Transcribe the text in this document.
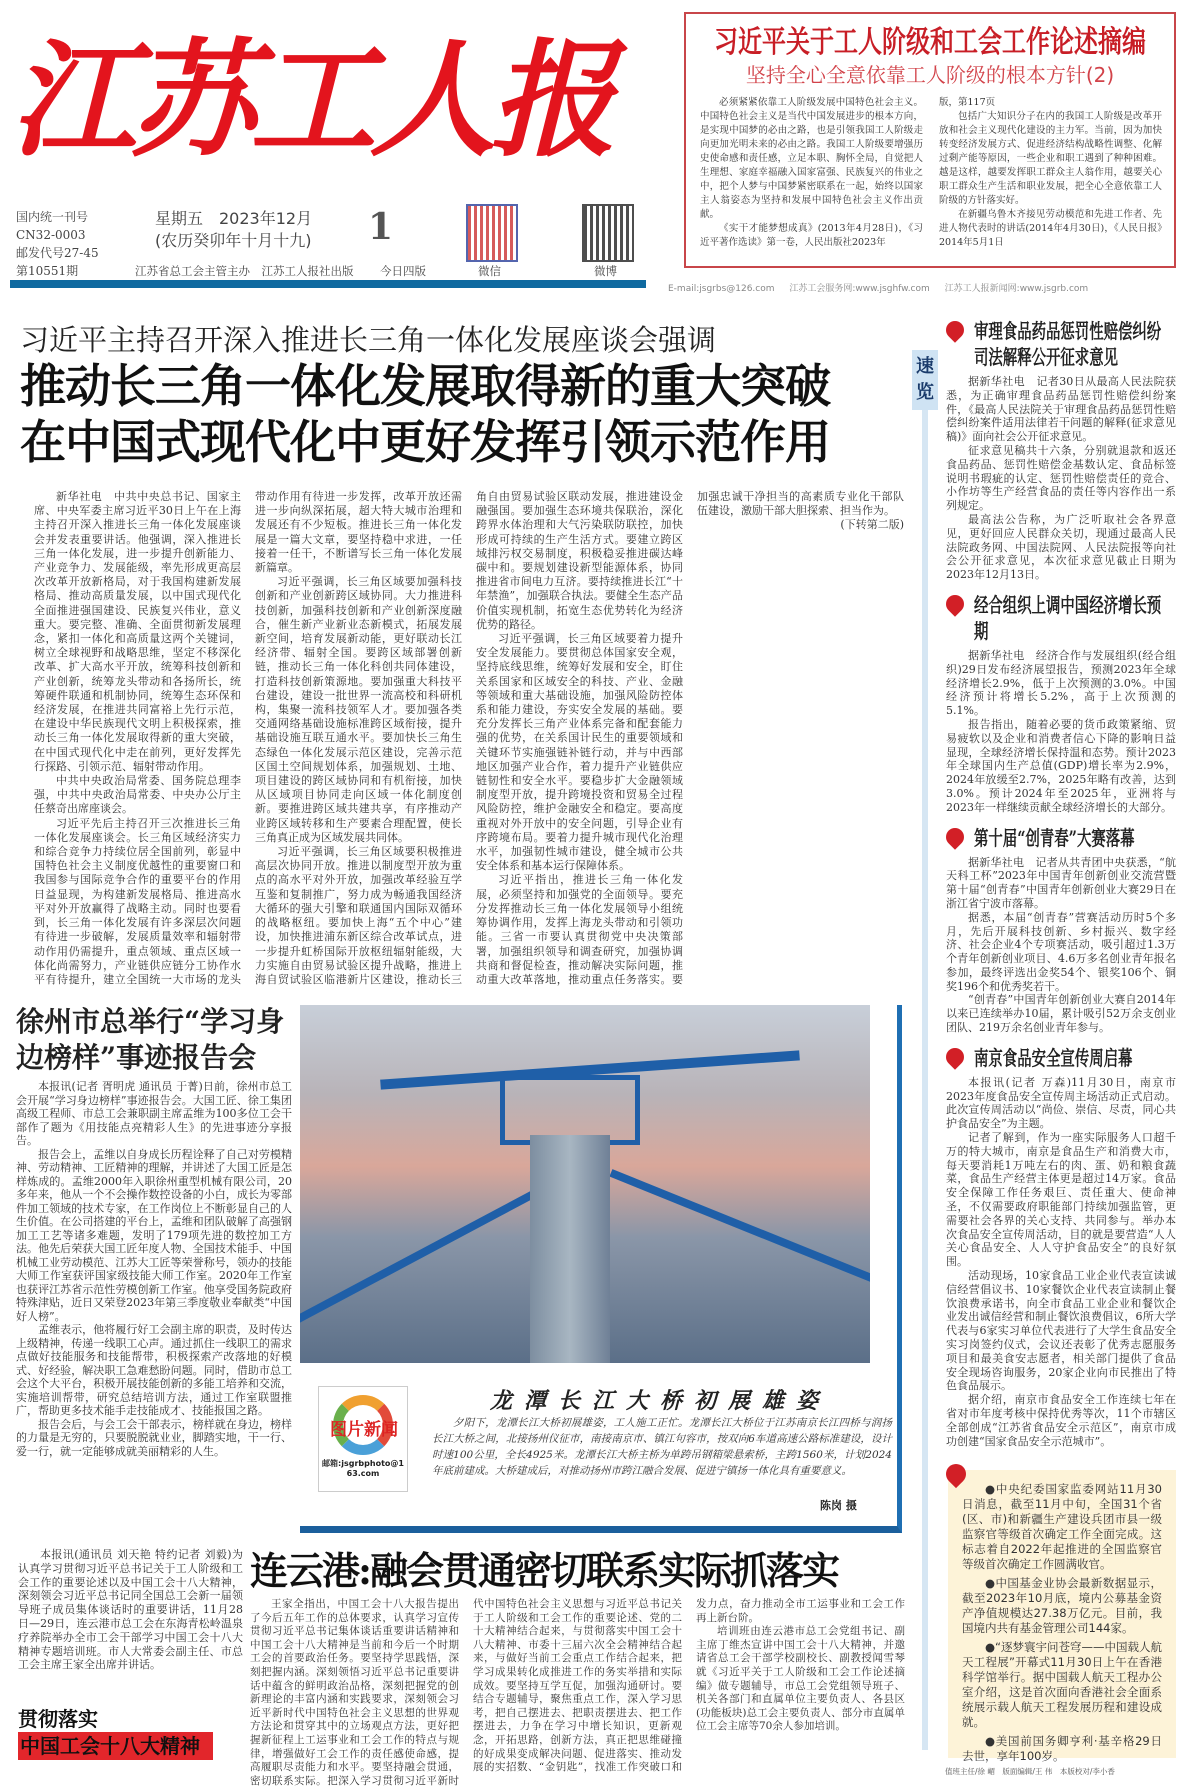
江苏工人报
国内统一刊号
CN32-0003
邮发代号27-45
第10551期
星期五　2023年12月
(农历癸卯年十月十九) 1
江苏省总工会主管主办　江苏工人报社出版 今日四版	微信	微博
E-mail:jsgrbs@126.com 江苏工会服务网:www.jsghfw.com 江苏工人报新闻网:www.jsgrb.com
习近平关于工人阶级和工会工作论述摘编
坚持全心全意依靠工人阶级的根本方针(2)

必须紧紧依靠工人阶级发展中国特色社会主义。中国特色社会主义是当代中国发展进步的根本方向，是实现中国梦的必由之路，也是引领我国工人阶级走向更加光明未来的必由之路。我国工人阶级要增强历史使命感和责任感，立足本职、胸怀全局，自觉把人生理想、家庭幸福融入国家富强、民族复兴的伟业之中，把个人梦与中国梦紧密联系在一起，始终以国家主人翁姿态为坚持和发展中国特色社会主义作出贡献。

《实干才能梦想成真》(2013年4月28日)，《习近平著作选读》第一卷，人民出版社2023年

版，第117页

包括广大知识分子在内的我国工人阶级是改革开放和社会主义现代化建设的主力军。当前，因为加快转变经济发展方式、促进经济结构战略性调整、化解过剩产能等原因，一些企业和职工遇到了种种困难。越是这样，越要发挥职工群众主人翁作用，越要关心职工群众生产生活和职业发展，把全心全意依靠工人阶级的方针落实好。

在新疆乌鲁木齐接见劳动模范和先进工作者、先进人物代表时的讲话(2014年4月30日)，《人民日报》2014年5月1日

习近平主持召开深入推进长三角一体化发展座谈会强调
推动长三角一体化发展取得新的重大突破
在中国式现代化中更好发挥引领示范作用

新华社电　中共中央总书记、国家主席、中央军委主席习近平30日上午在上海主持召开深入推进长三角一体化发展座谈会并发表重要讲话。他强调，深入推进长三角一体化发展，进一步提升创新能力、产业竞争力、发展能级，率先形成更高层次改革开放新格局，对于我国构建新发展格局、推动高质量发展，以中国式现代化全面推进强国建设、民族复兴伟业，意义重大。要完整、准确、全面贯彻新发展理念，紧扣一体化和高质量这两个关键词，树立全球视野和战略思维，坚定不移深化改革、扩大高水平开放，统筹科技创新和产业创新，统筹龙头带动和各扬所长，统筹硬件联通和机制协同，统筹生态环保和经济发展，在推进共同富裕上先行示范，在建设中华民族现代文明上积极探索，推动长三角一体化发展取得新的重大突破，在中国式现代化中走在前列，更好发挥先行探路、引领示范、辐射带动作用。

中共中央政治局常委、国务院总理李强，中共中央政治局常委、中央办公厅主任蔡奇出席座谈会。

习近平先后主持召开三次推进长三角一体化发展座谈会。长三角区域经济实力和综合竞争力持续位居全国前列，彰显中国特色社会主义制度优越性的重要窗口和我国参与国际竞争合作的重要平台的作用日益显现，为构建新发展格局、推进高水平对外开放赢得了战略主动。同时也要看到，长三角一体化发展有许多深层次问题有待进一步破解，发展质量效率和辐射带动作用仍需提升，重点领域、重点区域一体化尚需努力，产业链供应链分工协作水平有待提升，建立全国统一大市场的龙头带动作用有待进一步发挥，改革开放还需进一步向纵深拓展，超大特大城市治理和发展还有不少短板。推进长三角一体化发展是一篇大文章，要坚持稳中求进，一任接着一任干，不断谱写长三角一体化发展新篇章。

习近平强调，长三角区域要加强科技创新和产业创新跨区域协同。大力推进科技创新，加强科技创新和产业创新深度融合，催生新产业新业态新模式，拓展发展新空间，培育发展新动能，更好联动长江经济带、辐射全国。要跨区域部署创新链，推动长三角一体化科创共同体建设，打造科技创新策源地。要加强重大科技平台建设，建设一批世界一流高校和科研机构，集聚一流科技领军人才。要加强各类交通网络基础设施标准跨区域衔接，提升基础设施互联互通水平。要加快长三角生态绿色一体化发展示范区建设，完善示范区国土空间规划体系，加强规划、土地、项目建设的跨区域协同和有机衔接，加快从区域项目协同走向区域一体化制度创新。要推进跨区域共建共享，有序推动产业跨区域转移和生产要素合理配置，使长三角真正成为区域发展共同体。

习近平强调，长三角区域要积极推进高层次协同开放。推进以制度型开放为重点的高水平对外开放，加强改革经验互学互鉴和复制推广，努力成为畅通我国经济大循环的强大引擎和联通国内国际双循环的战略枢纽。要加快上海“五个中心”建设，加快推进浦东新区综合改革试点，进一步提升虹桥国际开放枢纽辐射能级，大力实施自由贸易试验区提升战略，推进上海自贸试验区临港新片区建设，推动长三角自由贸易试验区联动发展，推进建设金融强国。要加强生态环境共保联治，深化跨界水体治理和大气污染联防联控，加快形成可持续的生产生活方式。要建立跨区域排污权交易制度，积极稳妥推进碳达峰碳中和。要规划建设新型能源体系，协同推进省市间电力互济。要持续推进长江“十年禁渔”，加强联合执法。要健全生态产品价值实现机制，拓宽生态优势转化为经济优势的路径。

习近平强调，长三角区域要着力提升安全发展能力。要贯彻总体国家安全观，坚持底线思维，统筹好发展和安全，盯住关系国家和区域安全的科技、产业、金融等领域和重大基础设施，加强风险防控体系和能力建设，夯实安全发展的基础。要充分发挥长三角产业体系完备和配套能力强的优势，在关系国计民生的重要领域和关键环节实施强链补链行动，并与中西部地区加强产业合作，着力提升产业链供应链韧性和安全水平。要稳步扩大金融领域制度型开放，提升跨境投资和贸易全过程风险防控，维护金融安全和稳定。要高度重视对外开放中的安全问题，引导企业有序跨境布局。要着力提升城市现代化治理水平，加强韧性城市建设，健全城市公共安全体系和基本运行保障体系。

习近平指出，推进长三角一体化发展，必须坚持和加强党的全面领导。要充分发挥推动长三角一体化发展领导小组统筹协调作用，发挥上海龙头带动和引领功能。三省一市要认真贯彻党中央决策部署，加强组织领导和调查研究，加强协调共商和督促检查，推动解决实际问题，推动重大改革落地，推动重点任务落实。要加强忠诚干净担当的高素质专业化干部队伍建设，激励干部大胆探索、担当作为。

(下转第二版)
速览
审理食品药品惩罚性赔偿纠纷司法解释公开征求意见

据新华社电　记者30日从最高人民法院获悉，为正确审理食品药品惩罚性赔偿纠纷案件，《最高人民法院关于审理食品药品惩罚性赔偿纠纷案件适用法律若干问题的解释(征求意见稿)》面向社会公开征求意见。

征求意见稿共十六条，分别就退款和返还食品药品、惩罚性赔偿金基数认定、食品标签说明书瑕疵的认定、惩罚性赔偿责任的竞合、小作坊等生产经营食品的责任等内容作出一系列规定。

最高法公告称，为广泛听取社会各界意见，更好回应人民群众关切，现通过最高人民法院政务网、中国法院网、人民法院报等向社会公开征求意见，本次征求意见截止日期为2023年12月13日。

经合组织上调中国经济增长预期

据新华社电　经济合作与发展组织(经合组织)29日发布经济展望报告，预测2023年全球经济增长2.9%，低于上次预测的3.0%。中国经济预计将增长5.2%，高于上次预测的5.1%。

报告指出，随着必要的货币政策紧缩、贸易疲软以及企业和消费者信心下降的影响日益显现，全球经济增长保持温和态势。预计2023年全球国内生产总值(GDP)增长率为2.9%，2024年放缓至2.7%，2025年略有改善，达到3.0%。预计2024年至2025年，亚洲将与2023年一样继续贡献全球经济增长的大部分。

第十届“创青春”大赛落幕

据新华社电　记者从共青团中央获悉，“航天科工杯”2023年中国青年创新创业交流营暨第十届“创青春”中国青年创新创业大赛29日在浙江省宁波市落幕。

据悉，本届“创青春”营赛活动历时5个多月，先后开展科技创新、乡村振兴、数字经济、社会企业4个专项赛活动，吸引超过1.3万个青年创新创业项目、4.6万多名创业青年报名参加，最终评选出金奖54个、银奖106个、铜奖196个和优秀奖若干。

“创青春”中国青年创新创业大赛自2014年以来已连续举办10届，累计吸引52万余支创业团队、219万余名创业青年参与。

南京食品安全宣传周启幕

本报讯(记者 万森)11月30日，南京市2023年度食品安全宣传周主场活动正式启动。此次宣传周活动以“尚俭、崇信、尽责，同心共护食品安全”为主题。

记者了解到，作为一座实际服务人口超千万的特大城市，南京是食品生产和消费大市，每天要消耗1万吨左右的肉、蛋、奶和粮食蔬菜，食品生产经营主体更是超过14万家。食品安全保障工作任务艰巨、责任重大、使命神圣，不仅需要政府职能部门持续加强监管，更需要社会各界的关心支持、共同参与。举办本次食品安全宣传周活动，目的就是要营造“人人关心食品安全、人人守护食品安全”的良好氛围。

活动现场，10家食品工业企业代表宣读诚信经营倡议书、10家餐饮企业代表宣读制止餐饮浪费承诺书，向全市食品工业企业和餐饮企业发出诚信经营和制止餐饮浪费倡议，6所大学代表与6家实习单位代表进行了大学生食品安全实习岗签约仪式，会议还表彰了优秀志愿服务项目和最美食安志愿者，相关部门提供了食品安全现场咨询服务，20家企业向市民推出了特色食品展示。

据介绍，南京市食品安全工作连续七年在省对市年度考核中保持优秀等次，11个市辖区全部创成“江苏省食品安全示范区”，南京市成功创建“国家食品安全示范城市”。

徐州市总举行“学习身边榜样”事迹报告会

本报讯(记者 胥明虎 通讯员 于菁)日前，徐州市总工会开展“学习身边榜样”事迹报告会。大国工匠、徐工集团高级工程师、市总工会兼职副主席孟维为100多位工会干部作了题为《用技能点亮精彩人生》的先进事迹分享报告。

报告会上，孟维以自身成长历程诠释了自己对劳模精神、劳动精神、工匠精神的理解，并讲述了大国工匠是怎样炼成的。孟维2000年入职徐州重型机械有限公司，20多年来，他从一个不会操作数控设备的小白，成长为零部件加工领域的技术专家，在工作岗位上不断彰显自己的人生价值。在公司搭建的平台上，孟维和团队破解了高强钢加工工艺等诸多难题，发明了179项先进的数控加工方法。他先后荣获大国工匠年度人物、全国技术能手、中国机械工业劳动模范、江苏大工匠等荣誉称号，领办的技能大师工作室获评国家级技能大师工作室。2020年工作室也获评江苏省示范性劳模创新工作室。他享受国务院政府特殊津贴，近日又荣登2023年第三季度敬业奉献类“中国好人榜”。

孟维表示，他将履行好工会副主席的职责，及时传达上级精神，传递一线职工心声。通过抓住一线职工的需求点做好技能服务和技能帮带，积极探索产改落地的好模式、好经验，解决职工急难愁盼问题。同时，借助市总工会这个大平台，积极开展技能创新的多能工培养和交流，实施培训帮带，研究总结培训方法，通过工作室联盟推广，帮助更多技术能手走技能成才、技能报国之路。

报告会后，与会工会干部表示，榜样就在身边，榜样的力量是无穷的，只要脱脱就业业，脚踏实地，干一行、爱一行，就一定能够成就美丽精彩的人生。

图片新闻
邮箱:jsgrbphoto@163.com
龙潭长江大桥初展雄姿

夕阳下，龙潭长江大桥初展雄姿，工人施工正忙。龙潭长江大桥位于江苏南京长江四桥与润扬长江大桥之间，北接扬州仪征市，南接南京市、镇江句容市，按双向6车道高速公路标准建设，设计时速100公里，全长4925米。龙潭长江大桥主桥为单跨吊钢箱梁悬索桥，主跨1560米，计划2024年底前建成。大桥建成后，对推动扬州市跨江融合发展、促进宁镇扬一体化具有重要意义。

陈岗 摄
连云港:融会贯通密切联系实际抓落实

本报讯(通讯员 刘天艳 特约记者 刘毅)为认真学习贯彻习近平总书记关于工人阶级和工会工作的重要论述以及中国工会十八大精神，深刻领会习近平总书记同全国总工会新一届领导班子成员集体谈话时的重要讲话，11月28日—29日，连云港市总工会在东海青松岭温泉疗养院举办全市工会干部学习中国工会十八大精神专题培训班。市人大常委会副主任、市总工会主席王家全出席并讲话。

贯彻落实
中国工会十八大精神

王家全指出，中国工会十八大报告提出了今后五年工作的总体要求，认真学习宣传贯彻习近平总书记集体谈话重要讲话精神和中国工会十八大精神是当前和今后一个时期工会的首要政治任务。要坚持学思践悟，深刻把握内涵。深刻领悟习近平总书记重要讲话中蕴含的鲜明政治品格，深刻把握党的创新理论的丰富内涵和实践要求，深刻领会习近平新时代中国特色社会主义思想的世界观方法论和贯穿其中的立场观点方法，更好把握新征程上工运事业和工会工作的特点与规律，增强做好工会工作的责任感使命感，提高履职尽责能力和水平。要坚持融会贯通，密切联系实际。把深入学习贯彻习近平新时代中国特色社会主义思想与习近平总书记关于工人阶级和工会工作的重要论述、党的二十大精神结合起来，与贯彻落实中国工会十八大精神、市委十三届六次全会精神结合起来，与做好当前工会重点工作结合起来，把学习成果转化成推进工作的务实举措和实际成效。要坚持互学互促，加强沟通研讨。要结合专题辅导，聚焦重点工作，深入学习思考，把自己摆进去、把职责摆进去、把工作摆进去，力争在学习中增长知识，更新观念，开拓思路，创新方法，真正把思维碰撞的好成果变成解决问题、促进落实、推动发展的实招数、“金钥匙”，找准工作突破口和发力点，奋力推动全市工运事业和工会工作再上新台阶。

培训班由连云港市总工会党组书记、副主席丁维杰宣讲中国工会十八大精神，并邀请省总工会干部学校副校长、副教授闻雪琴就《习近平关于工人阶级和工会工作论述摘编》做专题辅导，市总工会党组领导班子、机关各部门和直属单位主要负责人、各县区(功能板块)总工会主要负责人、部分市直属单位工会主席等70余人参加培训。

●中央纪委国家监委网站11月30日消息，截至11月中旬，全国31个省(区、市)和新疆生产建设兵团市县一级监察官等级首次确定工作全面完成。这标志着自2022年起推进的全国监察官等级首次确定工作圆满收官。

●中国基金业协会最新数据显示，截至2023年10月底，境内公募基金资产净值规模达27.38万亿元。目前，我国境内共有基金管理公司144家。

●“逐梦寰宇问苍穹——中国载人航天工程展”开幕式11月30日上午在香港科学馆举行。据中国载人航天工程办公室介绍，这是首次面向香港社会全面系统展示载人航天工程发展历程和建设成就。

●美国前国务卿亨利·基辛格29日去世，享年100岁。

值班主任/徐 嵋　版面编辑/王 伟　本版校对/李小香
